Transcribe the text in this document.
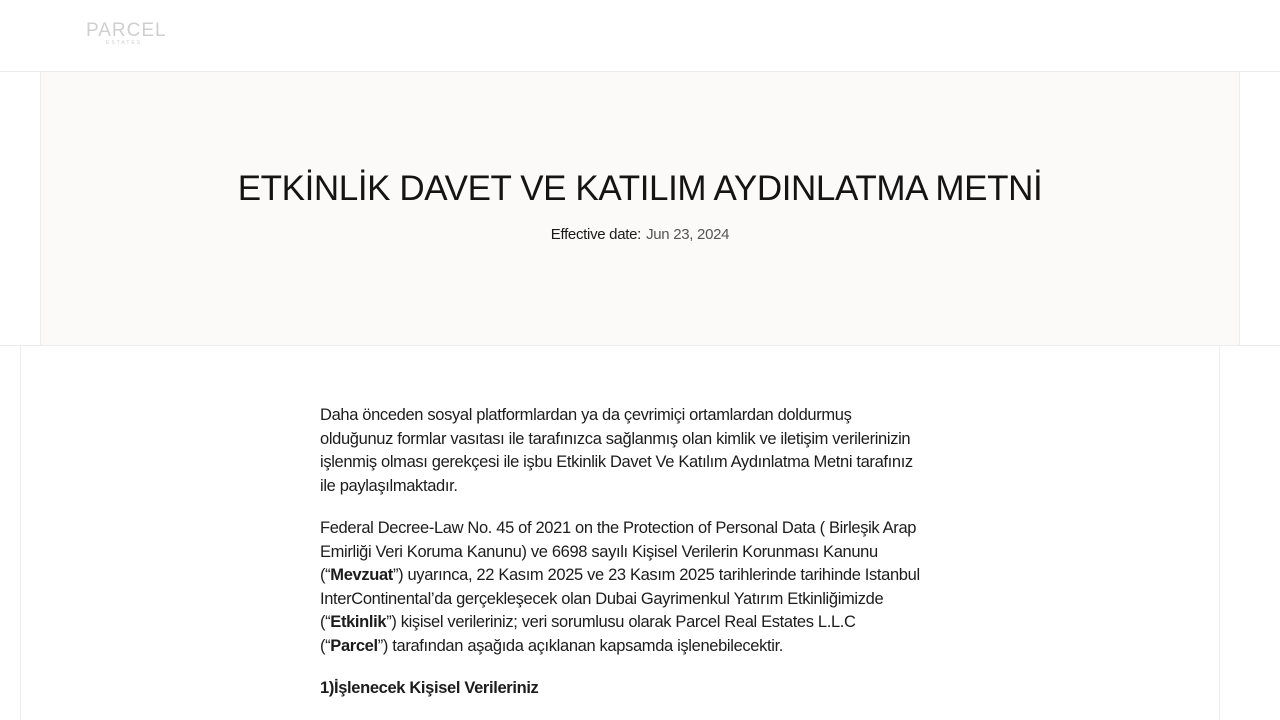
PARCEL
ESTATES
ETKİNLİK DAVET VE KATILIM AYDINLATMA METNİ
Effective date: Jun 23, 2024

Daha önceden sosyal platformlardan ya da çevrimiçi ortamlardan doldurmuş olduğunuz formlar vasıtası ile tarafınızca sağlanmış olan kimlik ve iletişim verilerinizin işlenmiş olması gerekçesi ile işbu Etkinlik Davet Ve Katılım Aydınlatma Metni tarafınız ile paylaşılmaktadır.

Federal Decree-Law No. 45 of 2021 on the Protection of Personal Data ( Birleşik Arap Emirliği Veri Koruma Kanunu) ve 6698 sayılı Kişisel Verilerin Korunması Kanunu (“Mevzuat”) uyarınca, 22 Kasım 2025 ve 23 Kasım 2025 tarihlerinde tarihinde Istanbul InterContinental’da gerçekleşecek olan Dubai Gayrimenkul Yatırım Etkinliğimizde (“Etkinlik”) kişisel verileriniz; veri sorumlusu olarak Parcel Real Estates L.L.C (“Parcel”) tarafından aşağıda açıklanan kapsamda işlenebilecektir.

1)İşlenecek Kişisel Verileriniz
